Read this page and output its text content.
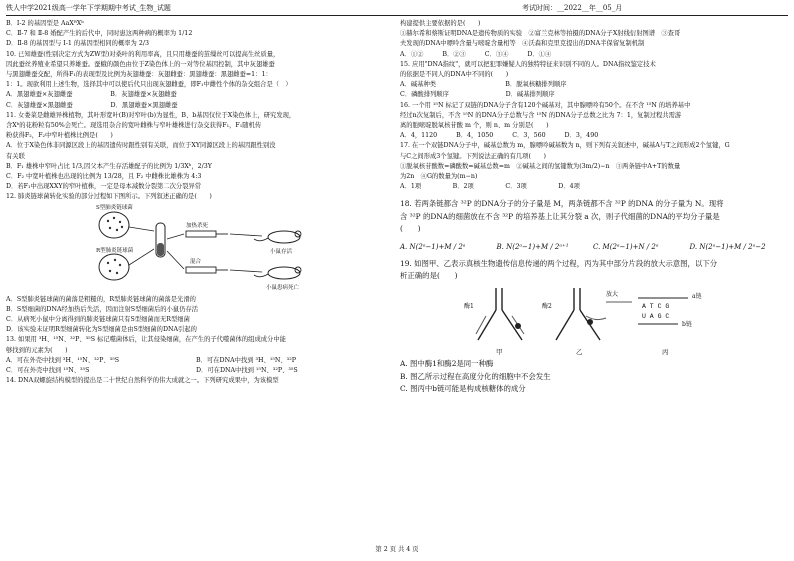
铁人中学2021级高一学年下学期期中考试_生物_试题	考试时间：__2022__年__05_月
B．Ⅰ-2 的基因型是 AaXᴮXᵇ
C．Ⅱ-7 和 Ⅱ-8 婚配产生的后代中，同时患这两种病的概率为 1/12
D．Ⅱ-8 的基因型与 Ⅰ-1 的基因型相同的概率为 2/3
10. 已知雄蚕(性别决定方式为ZW型)对桑叶的利用率高，且只用雄蚕的茧缫丝可以提高生丝质量，
因此蚕丝养殖业希望只养雄蚕。蚕蛾的颜色由位于Z染色体上的一对等位基因控制，其中灰翅雄蚕
与黑翅雌蚕交配，所得F₁的表现型及比例为灰翅雄蚕：灰翅雌蚕：黑翅雄蚕：黑翅雌蚕=1：1：
1：1。现欲利用上述生物，选择其中可以使后代只出现灰翅雌蚕，即F₁中雌性个体的杂交组合是（　）
A．黑翅雄蚕×灰翅雌蚕　　　　　　B．灰翅雄蚕×灰翅雌蚕
C．灰翅雄蚕×黑翅雌蚕　　　　　　D．黑翅雄蚕×黑翅雌蚕
11. 女娄菜是雌雄异株植物，其叶形宽叶(B)对窄叶(b)为显性，B、b基因仅位于X染色体上，研究发现，
含Xᵇ的花粉粒有50%会死亡。现选用杂合的宽叶雌株与窄叶雄株进行杂交获得F₁，F₁随机传
粉获得F₂，F₂中窄叶植株比例是(　　)
A．位于X染色体非同源区段上的基因遗传时跟性别有关联，而位于XY同源区段上的基因跟性别没
有关联
B．F₁ 雄株中窄叶占比 1/3,因父本产生存活雄配子的比例为 1/3Xᵇ，2/3Y
C．F₂ 中宽叶植株也出现的比例为 13/28，且 F₂ 中雌株比雄株为 4:3
D．若F₁中出现XXY的窄叶植株，一定是母本减数分裂第二次分裂异常
12. 肺炎链球菌转化实验的部分过程如下图所示。下列叙述正确的是(　　)
S型肺炎链球菌
R型肺炎链球菌
加热杀死
混合
小鼠存活
小鼠患病死亡
A．S型肺炎链球菌的菌落是粗糙的，R型肺炎链球菌的菌落是光滑的
B．S型细菌的DNA经加热后失活，因而注射S型细菌后的小鼠仍存活
C．从病死小鼠中分离得到的肺炎链球菌只有S型细菌而无R型细菌
D．该实验未证明R型细菌转化为S型细菌是由S型细菌的DNA引起的
13. 如果用 ³H、¹⁵N、³²P、³⁵S 标记噬菌体后，让其侵染细菌，在产生的子代噬菌体的组成成分中能
够找到的元素为(　　)
A．可在外壳中找到 ³H、¹⁵N、³²P、³⁵S	B．可在DNA中找到 ³H、¹⁵N、³²P
C．可在外壳中找到 ¹⁵N、³⁵S	D．可在DNA中找到 ¹⁵N、³²P、³⁵S
14. DNA双螺旋结构模型的提出是二十世纪自然科学的伟大成就之一。下列研究成果中，为该模型
构建提供主要依据的是(　　)
①赫尔希和蔡斯证明DNA是遗传物质的实验　②富兰克林等拍摄的DNA分子X射线衍射图谱　③查哥
夫发现的DNA中嘌呤含量与嘧啶含量相等　④沃森和克里克提出的DNA半保留复制机制
A．①②　　　B．②③　　　C．③④　　　D．①④
15. 应用"DNA指纹"，就可以把犯罪嫌疑人的独特特征来识别不同的人。DNA指纹鉴定技术
的依据是不同人的DNA中不同的(　　)
A．碱基种类　　　　　　　　　　　B．脱氧核糖排列顺序
C．磷酸排列顺序　　　　　　　　　D．碱基排列顺序
16. 一个用 ¹⁵N 标记了双链的DNA分子含有120个碱基对，其中腺嘌呤有50个。在不含 ¹⁵N 的培养基中
经过n次复制后，不含 ¹⁵N 的DNA分子总数与含 ¹⁵N 的DNA分子总数之比为 7：1，复制过程共需游
离的胞嘧啶脱氧核苷酸 m 个，则 n、m 分别是(　　)
A．4，1120　　　B．4，1050　　　C．3，560　　　D．3，490
17. 在一个双链DNA分子中，碱基总数为 m，腺嘌呤碱基数为 n，则下列有关叙述中，碱基A与T之间形成2个氢键，G
与C之间形成3个氢键。下列说法正确的有几项(　　)
①脱氧核苷酸数=磷酸数=碱基总数=m　②碱基之间的氢键数为(3m/2)−n　③两条链中A+T的数量
为2n　④G的数量为(m−n)
A．1项　　　　　B．2项　　　　　C．3项　　　　　D．4项
18. 若两条链都含 ³²P 的DNA分子的分子量是 M，两条链都不含 ³²P 的DNA 的分子量为 N。现将
含 ³²P 的DNA的细菌放在不含 ³²P 的培养基上让其分裂 a 次，则子代细菌的DNA的平均分子量是
(　　)
A. N(2ᵃ−1)+M / 2ᵃ	B. N(2ᵃ−1)+M / 2ᵃ⁺¹	C. M(2ᵃ−1)+N / 2ᵃ	D. N(2ᵃ−1)+M / 2ᵃ−2
19. 如图甲、乙表示真核生物遗传信息传递的两个过程，丙为其中部分片段的放大示意图，以下分
析正确的是(　　)
酶1
甲
酶2
乙
放大
A T C G
U A G C
a链
b链
丙
A. 图中酶1和酶2是同一种酶
B. 图乙所示过程在高度分化的细胞中不会发生
C. 图丙中b链可能是构成核糖体的成分
第 2 页 共 4 页
